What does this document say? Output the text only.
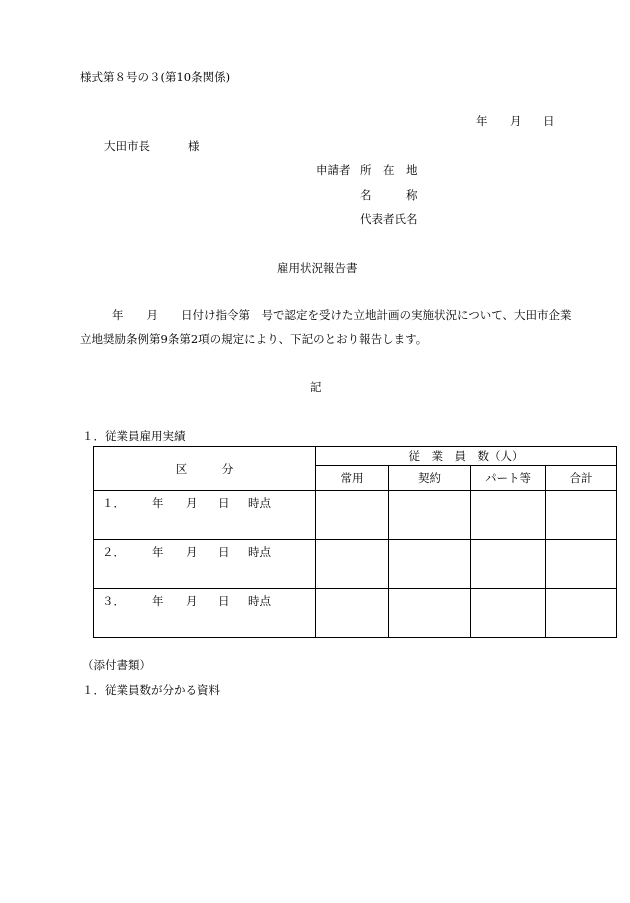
様式第８号の３(第10条関係)
年 月 日
大田市長	様
申請者 所　在　地
名　　　称
代表者氏名
雇用状況報告書
年　　月　　日付け指令第　号で認定を受けた立地計画の実施状況について、大田市企業
立地奨励条例第9条第2項の規定により、下記のとおり報告します。
記
１．従業員雇用実績
区　　　分	従　業　員　数（人）			
	常用	契約	パート等	合計
１． 年 月 日 時点				
２． 年 月 日 時点				
３． 年 月 日 時点				
（添付書類）
１．従業員数が分かる資料
